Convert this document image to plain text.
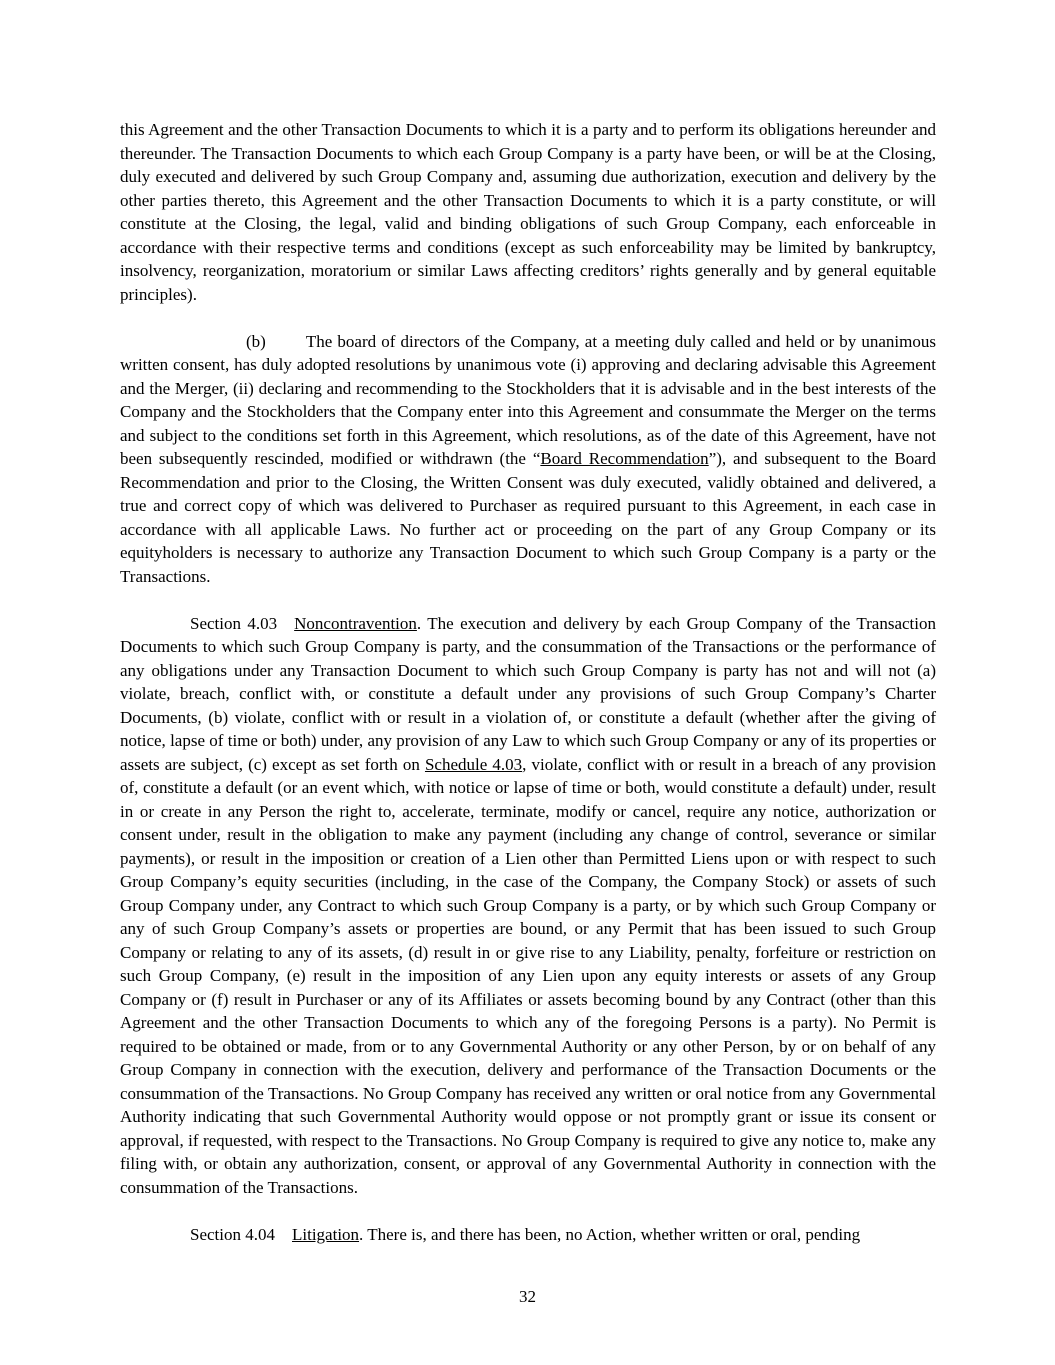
this Agreement and the other Transaction Documents to which it is a party and to perform its obligations hereunder and thereunder. The Transaction Documents to which each Group Company is a party have been, or will be at the Closing, duly executed and delivered by such Group Company and, assuming due authorization, execution and delivery by the other parties thereto, this Agreement and the other Transaction Documents to which it is a party constitute, or will constitute at the Closing, the legal, valid and binding obligations of such Group Company, each enforceable in accordance with their respective terms and conditions (except as such enforceability may be limited by bankruptcy, insolvency, reorganization, moratorium or similar Laws affecting creditors’ rights generally and by general equitable principles).

(b) The board of directors of the Company, at a meeting duly called and held or by unanimous written consent, has duly adopted resolutions by unanimous vote (i) approving and declaring advisable this Agreement and the Merger, (ii) declaring and recommending to the Stockholders that it is advisable and in the best interests of the Company and the Stockholders that the Company enter into this Agreement and consummate the Merger on the terms and subject to the conditions set forth in this Agreement, which resolutions, as of the date of this Agreement, have not been subsequently rescinded, modified or withdrawn (the “Board Recommendation”), and subsequent to the Board Recommendation and prior to the Closing, the Written Consent was duly executed, validly obtained and delivered, a true and correct copy of which was delivered to Purchaser as required pursuant to this Agreement, in each case in accordance with all applicable Laws. No further act or proceeding on the part of any Group Company or its equityholders is necessary to authorize any Transaction Document to which such Group Company is a party or the Transactions.

Section 4.03 Noncontravention. The execution and delivery by each Group Company of the Transaction Documents to which such Group Company is party, and the consummation of the Transactions or the performance of any obligations under any Transaction Document to which such Group Company is party has not and will not (a) violate, breach, conflict with, or constitute a default under any provisions of such Group Company’s Charter Documents, (b) violate, conflict with or result in a violation of, or constitute a default (whether after the giving of notice, lapse of time or both) under, any provision of any Law to which such Group Company or any of its properties or assets are subject, (c) except as set forth on Schedule 4.03, violate, conflict with or result in a breach of any provision of, constitute a default (or an event which, with notice or lapse of time or both, would constitute a default) under, result in or create in any Person the right to, accelerate, terminate, modify or cancel, require any notice, authorization or consent under, result in the obligation to make any payment (including any change of control, severance or similar payments), or result in the imposition or creation of a Lien other than Permitted Liens upon or with respect to such Group Company’s equity securities (including, in the case of the Company, the Company Stock) or assets of such Group Company under, any Contract to which such Group Company is a party, or by which such Group Company or any of such Group Company’s assets or properties are bound, or any Permit that has been issued to such Group Company or relating to any of its assets, (d) result in or give rise to any Liability, penalty, forfeiture or restriction on such Group Company, (e) result in the imposition of any Lien upon any equity interests or assets of any Group Company or (f) result in Purchaser or any of its Affiliates or assets becoming bound by any Contract (other than this Agreement and the other Transaction Documents to which any of the foregoing Persons is a party). No Permit is required to be obtained or made, from or to any Governmental Authority or any other Person, by or on behalf of any Group Company in connection with the execution, delivery and performance of the Transaction Documents or the consummation of the Transactions. No Group Company has received any written or oral notice from any Governmental Authority indicating that such Governmental Authority would oppose or not promptly grant or issue its consent or approval, if requested, with respect to the Transactions. No Group Company is required to give any notice to, make any filing with, or obtain any authorization, consent, or approval of any Governmental Authority in connection with the consummation of the Transactions.

Section 4.04 Litigation. There is, and there has been, no Action, whether written or oral, pending

32
